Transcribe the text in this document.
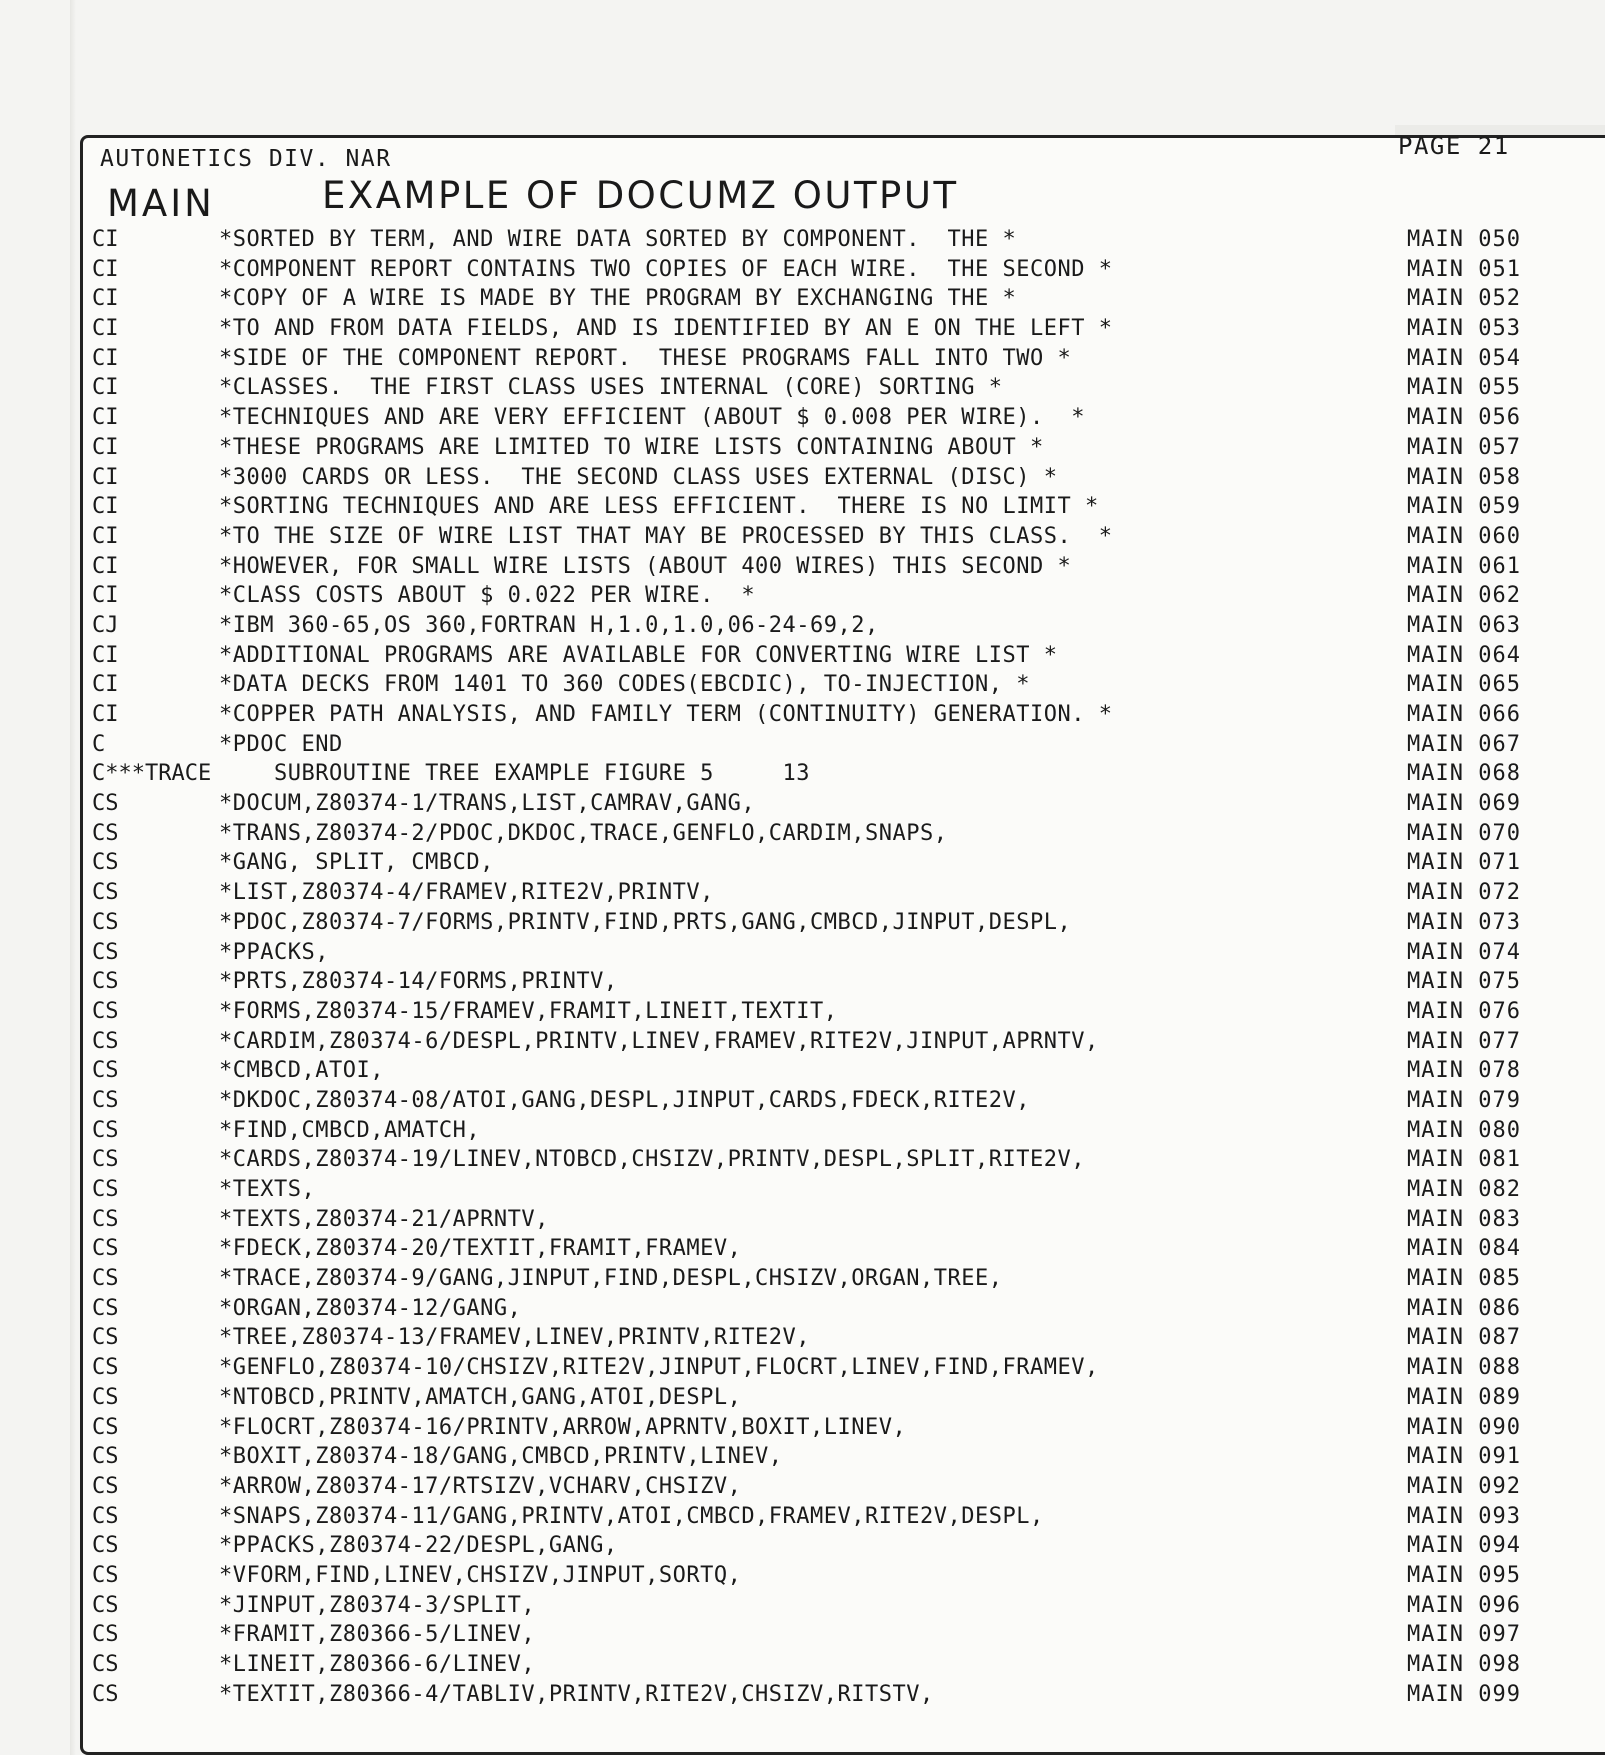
AUTONETICS DIV. NAR	PAGE 21
MAIN	EXAMPLE OF DOCUMZ OUTPUT
CI	*SORTED BY TERM, AND WIRE DATA SORTED BY COMPONENT.  THE *	MAIN 050
CI	*COMPONENT REPORT CONTAINS TWO COPIES OF EACH WIRE.  THE SECOND *	MAIN 051
CI	*COPY OF A WIRE IS MADE BY THE PROGRAM BY EXCHANGING THE *	MAIN 052
CI	*TO AND FROM DATA FIELDS, AND IS IDENTIFIED BY AN E ON THE LEFT *	MAIN 053
CI	*SIDE OF THE COMPONENT REPORT.  THESE PROGRAMS FALL INTO TWO *	MAIN 054
CI	*CLASSES.  THE FIRST CLASS USES INTERNAL (CORE) SORTING *	MAIN 055
CI	*TECHNIQUES AND ARE VERY EFFICIENT (ABOUT $ 0.008 PER WIRE).  *	MAIN 056
CI	*THESE PROGRAMS ARE LIMITED TO WIRE LISTS CONTAINING ABOUT *	MAIN 057
CI	*3000 CARDS OR LESS.  THE SECOND CLASS USES EXTERNAL (DISC) *	MAIN 058
CI	*SORTING TECHNIQUES AND ARE LESS EFFICIENT.  THERE IS NO LIMIT *	MAIN 059
CI	*TO THE SIZE OF WIRE LIST THAT MAY BE PROCESSED BY THIS CLASS.  *	MAIN 060
CI	*HOWEVER, FOR SMALL WIRE LISTS (ABOUT 400 WIRES) THIS SECOND *	MAIN 061
CI	*CLASS COSTS ABOUT $ 0.022 PER WIRE.  *	MAIN 062
CJ	*IBM 360-65,OS 360,FORTRAN H,1.0,1.0,06-24-69,2,	MAIN 063
CI	*ADDITIONAL PROGRAMS ARE AVAILABLE FOR CONVERTING WIRE LIST *	MAIN 064
CI	*DATA DECKS FROM 1401 TO 360 CODES(EBCDIC), TO-INJECTION, *	MAIN 065
CI	*COPPER PATH ANALYSIS, AND FAMILY TERM (CONTINUITY) GENERATION. *	MAIN 066
C	*PDOC END	MAIN 067
C***TRACE SUBROUTINE TREE EXAMPLE FIGURE 5     13	MAIN 068
CS	*DOCUM,Z80374-1/TRANS,LIST,CAMRAV,GANG,	MAIN 069
CS	*TRANS,Z80374-2/PDOC,DKDOC,TRACE,GENFLO,CARDIM,SNAPS,	MAIN 070
CS	*GANG, SPLIT, CMBCD,	MAIN 071
CS	*LIST,Z80374-4/FRAMEV,RITE2V,PRINTV,	MAIN 072
CS	*PDOC,Z80374-7/FORMS,PRINTV,FIND,PRTS,GANG,CMBCD,JINPUT,DESPL,	MAIN 073
CS	*PPACKS,	MAIN 074
CS	*PRTS,Z80374-14/FORMS,PRINTV,	MAIN 075
CS	*FORMS,Z80374-15/FRAMEV,FRAMIT,LINEIT,TEXTIT,	MAIN 076
CS	*CARDIM,Z80374-6/DESPL,PRINTV,LINEV,FRAMEV,RITE2V,JINPUT,APRNTV,	MAIN 077
CS	*CMBCD,ATOI,	MAIN 078
CS	*DKDOC,Z80374-08/ATOI,GANG,DESPL,JINPUT,CARDS,FDECK,RITE2V,	MAIN 079
CS	*FIND,CMBCD,AMATCH,	MAIN 080
CS	*CARDS,Z80374-19/LINEV,NTOBCD,CHSIZV,PRINTV,DESPL,SPLIT,RITE2V,	MAIN 081
CS	*TEXTS,	MAIN 082
CS	*TEXTS,Z80374-21/APRNTV,	MAIN 083
CS	*FDECK,Z80374-20/TEXTIT,FRAMIT,FRAMEV,	MAIN 084
CS	*TRACE,Z80374-9/GANG,JINPUT,FIND,DESPL,CHSIZV,ORGAN,TREE,	MAIN 085
CS	*ORGAN,Z80374-12/GANG,	MAIN 086
CS	*TREE,Z80374-13/FRAMEV,LINEV,PRINTV,RITE2V,	MAIN 087
CS	*GENFLO,Z80374-10/CHSIZV,RITE2V,JINPUT,FLOCRT,LINEV,FIND,FRAMEV,	MAIN 088
CS	*NTOBCD,PRINTV,AMATCH,GANG,ATOI,DESPL,	MAIN 089
CS	*FLOCRT,Z80374-16/PRINTV,ARROW,APRNTV,BOXIT,LINEV,	MAIN 090
CS	*BOXIT,Z80374-18/GANG,CMBCD,PRINTV,LINEV,	MAIN 091
CS	*ARROW,Z80374-17/RTSIZV,VCHARV,CHSIZV,	MAIN 092
CS	*SNAPS,Z80374-11/GANG,PRINTV,ATOI,CMBCD,FRAMEV,RITE2V,DESPL,	MAIN 093
CS	*PPACKS,Z80374-22/DESPL,GANG,	MAIN 094
CS	*VFORM,FIND,LINEV,CHSIZV,JINPUT,SORTQ,	MAIN 095
CS	*JINPUT,Z80374-3/SPLIT,	MAIN 096
CS	*FRAMIT,Z80366-5/LINEV,	MAIN 097
CS	*LINEIT,Z80366-6/LINEV,	MAIN 098
CS	*TEXTIT,Z80366-4/TABLIV,PRINTV,RITE2V,CHSIZV,RITSTV,	MAIN 099
